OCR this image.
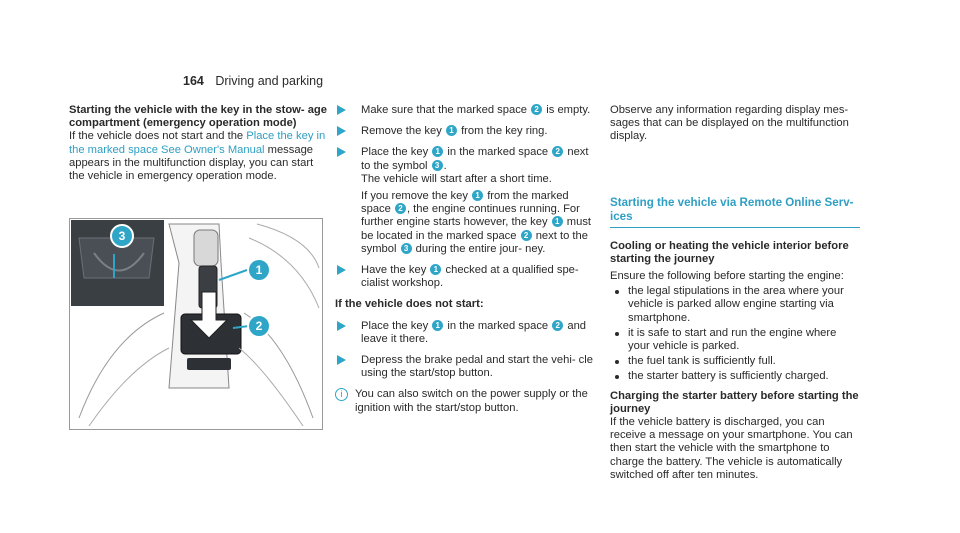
164 Driving and parking

Starting the vehicle with the key in the stow- age compartment (emergency operation mode)

If the vehicle does not start and the Place the key in the marked space See Owner's Manual message appears in the multifunction display, you can start the vehicle in emergency operation mode.

1
2
3
Make sure that the marked space 2 is empty.
Remove the key 1 from the key ring.
Place the key 1 in the marked space 2 next to the symbol 3 .
The vehicle will start after a short time.
If you remove the key 1 from the marked space 2 , the engine continues running. For further engine starts however, the key 1 must be located in the marked space 2 next to the symbol 3 during the entire jour- ney.
Have the key 1 checked at a qualified spe- cialist workshop.

If the vehicle does not start:

Place the key 1 in the marked space 2 and leave it there.
Depress the brake pedal and start the vehi- cle using the start/stop button.
i	You can also switch on the power supply or the ignition with the start/stop button.

Observe any information regarding display mes- sages that can be displayed on the multifunction display.

Starting the vehicle via Remote Online Serv- ices

Cooling or heating the vehicle interior before starting the journey

Ensure the following before starting the engine:

the legal stipulations in the area where your vehicle is parked allow engine starting via smartphone.
it is safe to start and run the engine where your vehicle is parked.
the fuel tank is sufficiently full.
the starter battery is sufficiently charged.

Charging the starter battery before starting the journey

If the vehicle battery is discharged, you can receive a message on your smartphone. You can then start the vehicle with the smartphone to charge the battery. The vehicle is automatically switched off after ten minutes.
